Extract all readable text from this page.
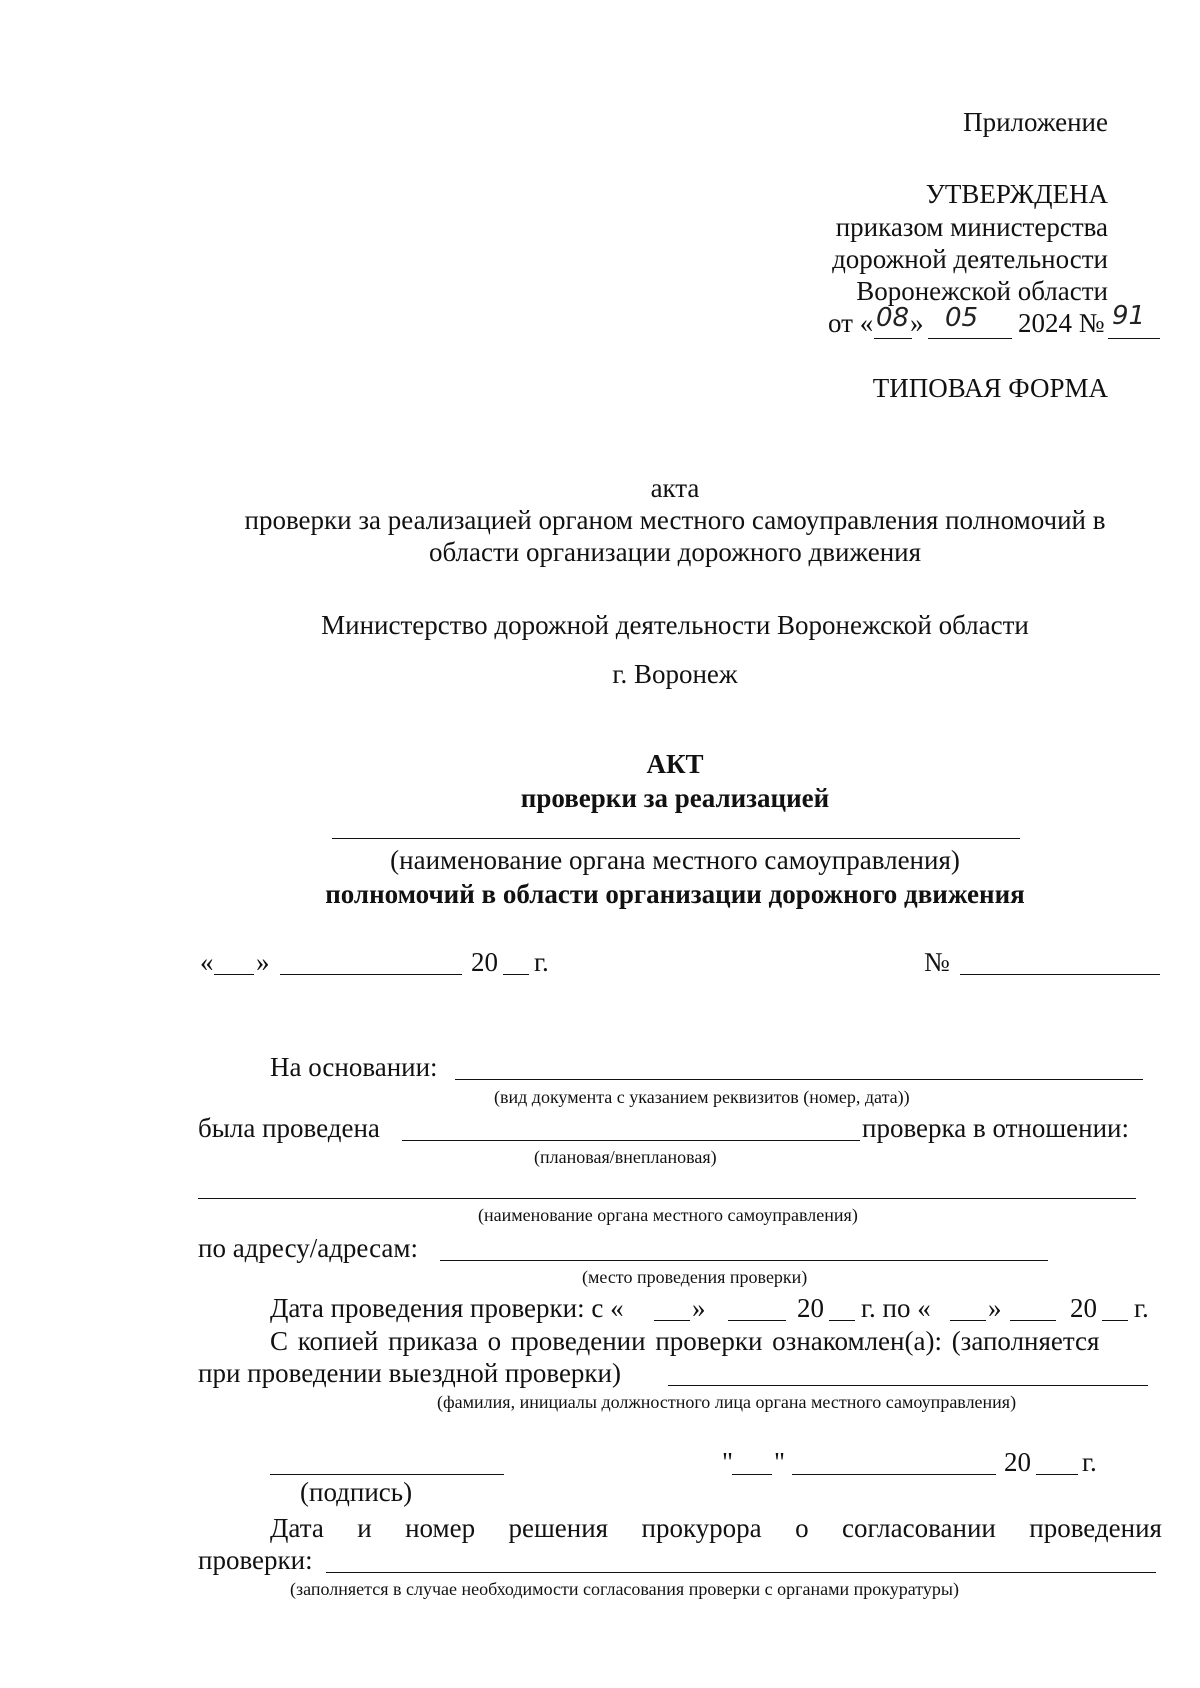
Приложение
УТВЕРЖДЕНА
приказом министерства
дорожной деятельности
Воронежской области
от « 08 » 05 2024 № 91
ТИПОВАЯ ФОРМА
акта
проверки за реализацией органом местного самоуправления полномочий в
области организации дорожного движения
Министерство дорожной деятельности Воронежской области
г. Воронеж
АКТ
проверки за реализацией
(наименование органа местного самоуправления)
полномочий в области организации дорожного движения
« »	20 г.	№
На основании:
(вид документа с указанием реквизитов (номер, дата))
была проведена	проверка в отношении:
(плановая/внеплановая)
(наименование органа местного самоуправления)
по адресу/адресам:
(место проведения проверки)
Дата проведения проверки: с «	»	20 г. по « »	20 г.
С копией приказа о проведении проверки ознакомлен(а): (заполняется
при проведении выездной проверки)
(фамилия, инициалы должностного лица органа местного самоуправления)
" "	20 г.
(подпись)
Дата и номер решения прокурора о согласовании проведения
проверки:
(заполняется в случае необходимости согласования проверки с органами прокуратуры)
